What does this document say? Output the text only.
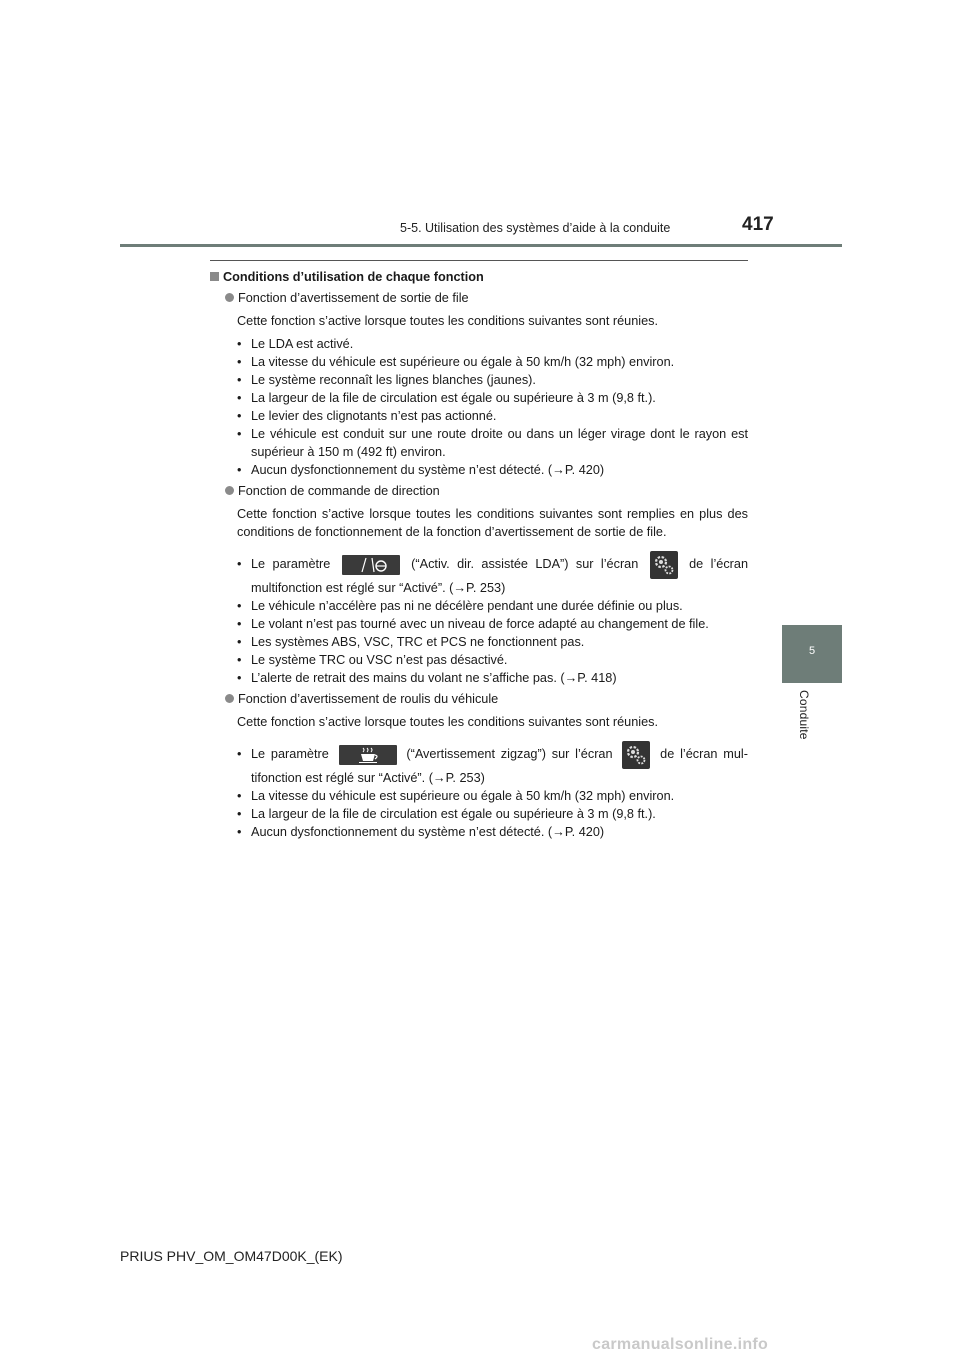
5-5. Utilisation des systèmes d’aide à la conduite	417
5
Conduite

Conditions d’utilisation de chaque fonction

Fonction d’avertissement de sortie de file

Cette fonction s’active lorsque toutes les conditions suivantes sont réunies.

• Le LDA est activé.
• La vitesse du véhicule est supérieure ou égale à 50 km/h (32 mph) environ.
• Le système reconnaît les lignes blanches (jaunes).
• La largeur de la file de circulation est égale ou supérieure à 3 m (9,8 ft.).
• Le levier des clignotants n’est pas actionné.
• Le véhicule est conduit sur une route droite ou dans un léger virage dont le rayon est supérieur à 150 m (492 ft) environ.
• Aucun dysfonctionnement du système n’est détecté. (→P. 420)

Fonction de commande de direction

Cette fonction s’active lorsque toutes les conditions suivantes sont remplies en plus des conditions de fonctionnement de la fonction d’avertissement de sortie de file.

• Le paramètre	(“Activ. dir. assistée LDA”) sur l’écran	de l’écran
multifonction est réglé sur “Activé”. (→P. 253)
• Le véhicule n’accélère pas ni ne décélère pendant une durée définie ou plus.
• Le volant n’est pas tourné avec un niveau de force adapté au changement de file.
• Les systèmes ABS, VSC, TRC et PCS ne fonctionnent pas.
• Le système TRC ou VSC n’est pas désactivé.
• L’alerte de retrait des mains du volant ne s’affiche pas. (→P. 418)

Fonction d’avertissement de roulis du véhicule

Cette fonction s’active lorsque toutes les conditions suivantes sont réunies.

• Le paramètre	(“Avertissement zigzag”) sur l’écran	de l’écran mul-
tifonction est réglé sur “Activé”. (→P. 253)
• La vitesse du véhicule est supérieure ou égale à 50 km/h (32 mph) environ.
• La largeur de la file de circulation est égale ou supérieure à 3 m (9,8 ft.).
• Aucun dysfonctionnement du système n’est détecté. (→P. 420)
PRIUS PHV_OM_OM47D00K_(EK)
carmanualsonline.info
